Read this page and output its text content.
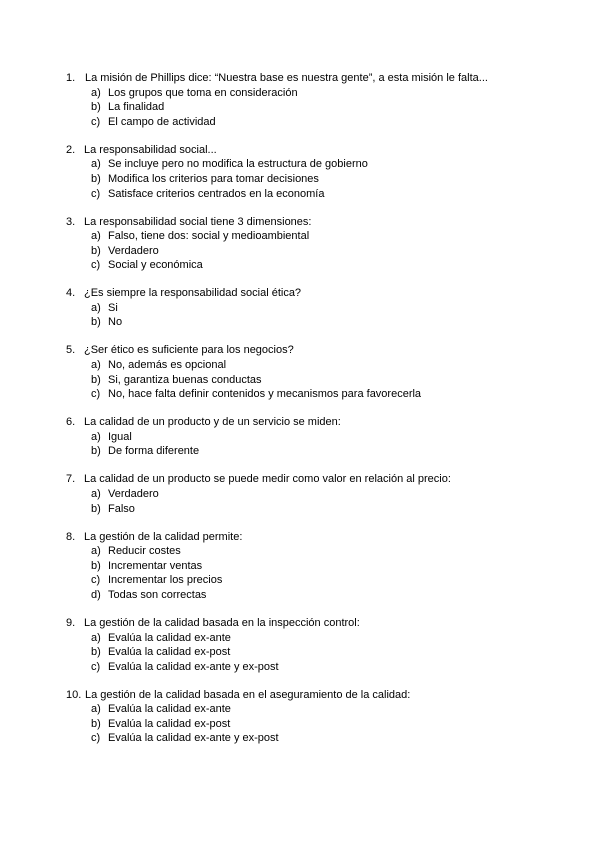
1. La misión de Phillips dice: “Nuestra base es nuestra gente”, a esta misión le falta...
a) Los grupos que toma en consideración
b) La finalidad
c) El campo de actividad
2. La responsabilidad social...
a) Se incluye pero no modifica la estructura de gobierno
b) Modifica los criterios para tomar decisiones
c) Satisface criterios centrados en la economía
3. La responsabilidad social tiene 3 dimensiones:
a) Falso, tiene dos: social y medioambiental
b) Verdadero
c) Social y económica
4. ¿Es siempre la responsabilidad social ética?
a) Si
b) No
5. ¿Ser ético es suficiente para los negocios?
a) No, además es opcional
b) Si, garantiza buenas conductas
c) No, hace falta definir contenidos y mecanismos para favorecerla
6. La calidad de un producto y de un servicio se miden:
a) Igual
b) De forma diferente
7. La calidad de un producto se puede medir como valor en relación al precio:
a) Verdadero
b) Falso
8. La gestión de la calidad permite:
a) Reducir costes
b) Incrementar ventas
c) Incrementar los precios
d) Todas son correctas
9. La gestión de la calidad basada en la inspección control:
a) Evalúa la calidad ex-ante
b) Evalúa la calidad ex-post
c) Evalúa la calidad ex-ante y ex-post
10. La gestión de la calidad basada en el aseguramiento de la calidad:
a) Evalúa la calidad ex-ante
b) Evalúa la calidad ex-post
c) Evalúa la calidad ex-ante y ex-post
